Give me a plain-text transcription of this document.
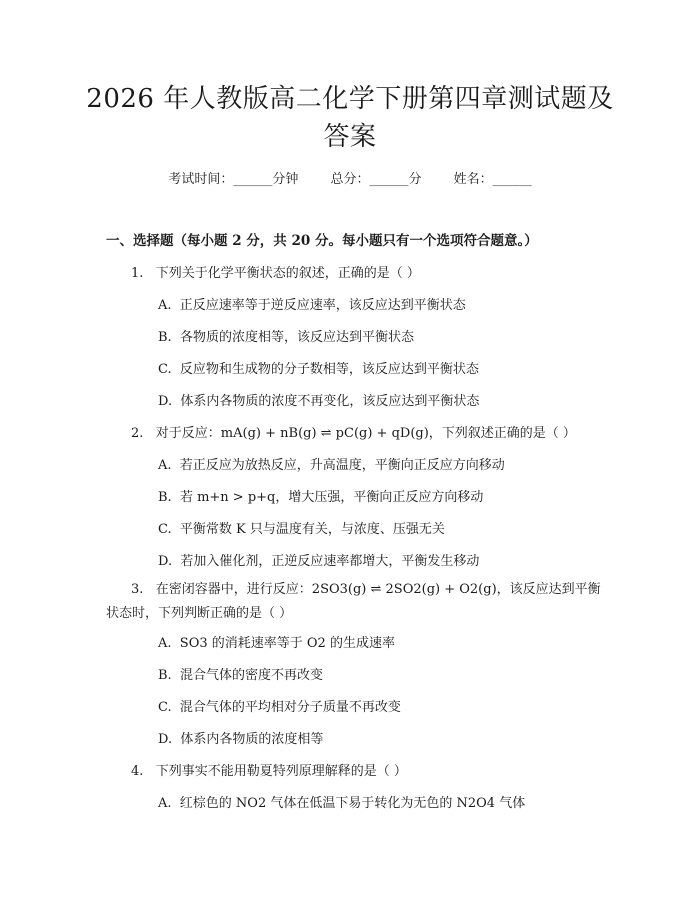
2026 年人教版高二化学下册第四章测试题及答案
考试时间：______分钟 总分：______分 姓名：______
一、选择题（每小题 2 分，共 20 分。每小题只有一个选项符合题意。）
1.   下列关于化学平衡状态的叙述，正确的是（ ）
A.  正反应速率等于逆反应速率，该反应达到平衡状态
B.  各物质的浓度相等，该反应达到平衡状态
C.  反应物和生成物的分子数相等，该反应达到平衡状态
D.  体系内各物质的浓度不再变化，该反应达到平衡状态
2.   对于反应：mA(g) + nB(g) ⇌ pC(g) + qD(g)，下列叙述正确的是（ ）
A.  若正反应为放热反应，升高温度，平衡向正反应方向移动
B.  若 m+n > p+q，增大压强，平衡向正反应方向移动
C.  平衡常数 K 只与温度有关，与浓度、压强无关
D.  若加入催化剂，正逆反应速率都增大，平衡发生移动
3.   在密闭容器中，进行反应：2SO3(g) ⇌ 2SO2(g) + O2(g)，该反应达到平衡状态时，下列判断正确的是（ ）
A.  SO3 的消耗速率等于 O2 的生成速率
B.  混合气体的密度不再改变
C.  混合气体的平均相对分子质量不再改变
D.  体系内各物质的浓度相等
4.   下列事实不能用勒夏特列原理解释的是（ ）
A.  红棕色的 NO2 气体在低温下易于转化为无色的 N2O4 气体
